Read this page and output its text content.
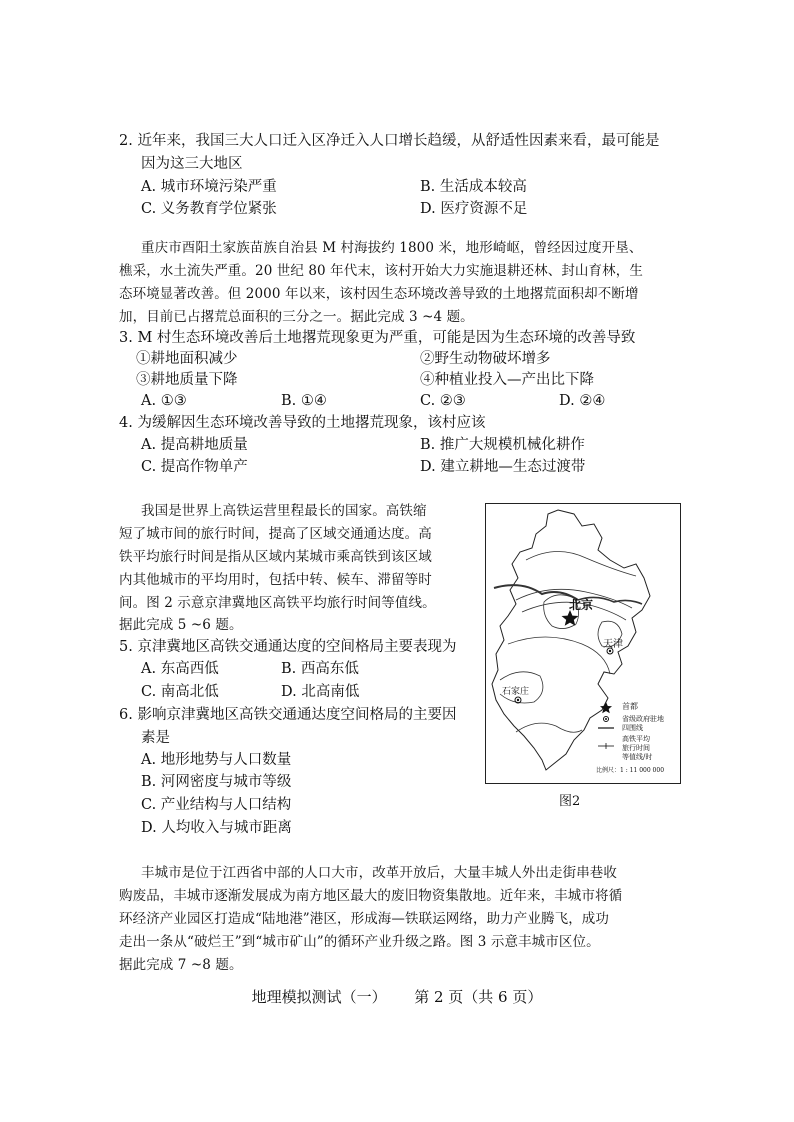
2. 近年来，我国三大人口迁入区净迁入人口增长趋缓，从舒适性因素来看，最可能是
因为这三大地区
A. 城市环境污染严重	B. 生活成本较高
C. 义务教育学位紧张	D. 医疗资源不足
重庆市酉阳土家族苗族自治县 M 村海拔约 1800 米，地形崎岖，曾经因过度开垦、
樵采，水土流失严重。20 世纪 80 年代末，该村开始大力实施退耕还林、封山育林，生
态环境显著改善。但 2000 年以来，该村因生态环境改善导致的土地撂荒面积却不断增
加，目前已占撂荒总面积的三分之一。据此完成 3 ~4 题。
3. M 村生态环境改善后土地撂荒现象更为严重，可能是因为生态环境的改善导致
①耕地面积减少	②野生动物破坏增多
③耕地质量下降	④种植业投入—产出比下降
A. ①③	B. ①④	C. ②③	D. ②④
4. 为缓解因生态环境改善导致的土地撂荒现象，该村应该
A. 提高耕地质量	B. 推广大规模机械化耕作
C. 提高作物单产	D. 建立耕地—生态过渡带
我国是世界上高铁运营里程最长的国家。高铁缩
短了城市间的旅行时间，提高了区域交通通达度。高
铁平均旅行时间是指从区域内某城市乘高铁到该区域
内其他城市的平均用时，包括中转、候车、滞留等时
间。图 2 示意京津冀地区高铁平均旅行时间等值线。
据此完成 5 ~6 题。
5. 京津冀地区高铁交通通达度的空间格局主要表现为
A. 东高西低	B. 西高东低
C. 南高北低	D. 北高南低
6. 影响京津冀地区高铁交通通达度空间格局的主要因
素是
A. 地形地势与人口数量
B. 河网密度与城市等级
C. 产业结构与人口结构
D. 人均收入与城市距离
北京
天津
石家庄
首都
省级政府驻地
四围线
高铁平均
旅行时间
等值线/时
比例尺：1 : 11 000 000
图2
丰城市是位于江西省中部的人口大市，改革开放后，大量丰城人外出走街串巷收
购废品，丰城市逐渐发展成为南方地区最大的废旧物资集散地。近年来，丰城市将循
环经济产业园区打造成“陆地港”港区，形成海—铁联运网络，助力产业腾飞，成功
走出一条从“破烂王”到“城市矿山”的循环产业升级之路。图 3 示意丰城市区位。
据此完成 7 ~8 题。
地理模拟测试（一） 第 2 页（共 6 页）
